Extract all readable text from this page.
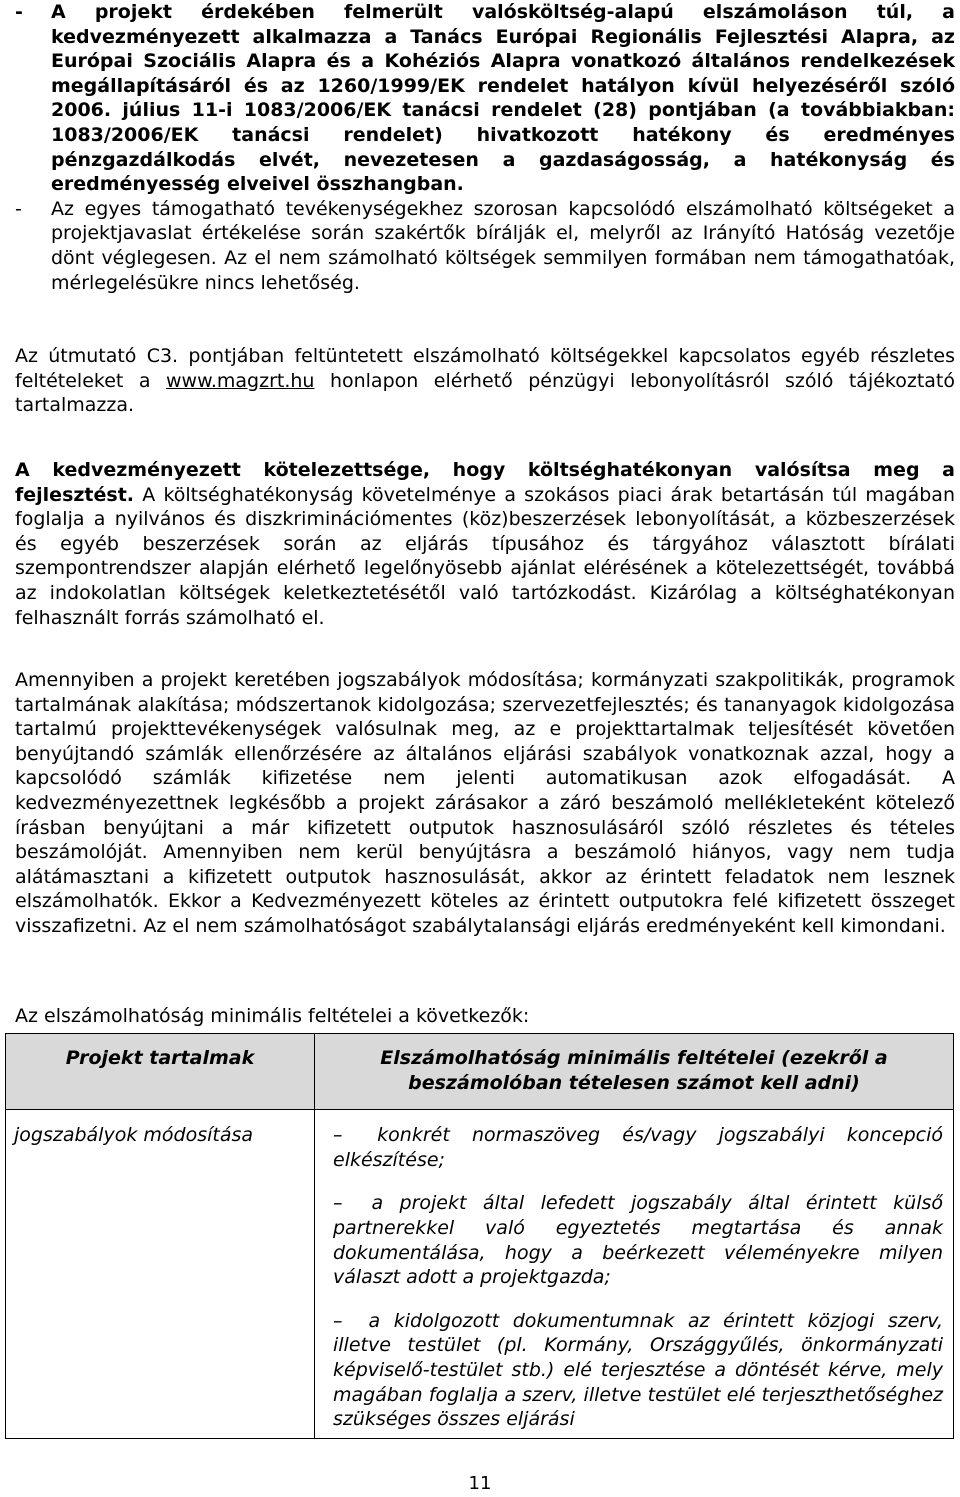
- A projekt érdekében felmerült valósköltség-alapú elszámoláson túl, a kedvezményezett alkalmazza a Tanács Európai Regionális Fejlesztési Alapra, az Európai Szociális Alapra és a Kohéziós Alapra vonatkozó általános rendelkezések megállapításáról és az 1260/1999/EK rendelet hatályon kívül helyezéséről szóló 2006. július 11-i 1083/2006/EK tanácsi rendelet (28) pontjában (a továbbiakban: 1083/2006/EK tanácsi rendelet) hivatkozott hatékony és eredményes pénzgazdálkodás elvét, nevezetesen a gazdaságosság, a hatékonyság és eredményesség elveivel összhangban.
- Az egyes támogatható tevékenységekhez szorosan kapcsolódó elszámolható költségeket a projektjavaslat értékelése során szakértők bírálják el, melyről az Irányító Hatóság vezetője dönt véglegesen. Az el nem számolható költségek semmilyen formában nem támogathatóak, mérlegelésükre nincs lehetőség.

Az útmutató C3. pontjában feltüntetett elszámolható költségekkel kapcsolatos egyéb részletes feltételeket a www.magzrt.hu honlapon elérhető pénzügyi lebonyolításról szóló tájékoztató tartalmazza.

A kedvezményezett kötelezettsége, hogy költséghatékonyan valósítsa meg a fejlesztést. A költséghatékonyság követelménye a szokásos piaci árak betartásán túl magában foglalja a nyilvános és diszkriminációmentes (köz)beszerzések lebonyolítását, a közbeszerzések és egyéb beszerzések során az eljárás típusához és tárgyához választott bírálati szempontrendszer alapján elérhető legelőnyösebb ajánlat elérésének a kötelezettségét, továbbá az indokolatlan költségek keletkeztetésétől való tartózkodást. Kizárólag a költséghatékonyan felhasznált forrás számolható el.

Amennyiben a projekt keretében jogszabályok módosítása; kormányzati szakpolitikák, programok tartalmának alakítása; módszertanok kidolgozása; szervezetfejlesztés; és tananyagok kidolgozása tartalmú projekttevékenységek valósulnak meg, az e projekttartalmak teljesítését követően benyújtandó számlák ellenőrzésére az általános eljárási szabályok vonatkoznak azzal, hogy a kapcsolódó számlák kifizetése nem jelenti automatikusan azok elfogadását. A kedvezményezettnek legkésőbb a projekt zárásakor a záró beszámoló mellékleteként kötelező írásban benyújtani a már kifizetett outputok hasznosulásáról szóló részletes és tételes beszámolóját. Amennyiben nem kerül benyújtásra a beszámoló hiányos, vagy nem tudja alátámasztani a kifizetett outputok hasznosulását, akkor az érintett feladatok nem lesznek elszámolhatók. Ekkor a Kedvezményezett köteles az érintett outputokra felé kifizetett összeget visszafizetni. Az el nem számolhatóságot szabálytalansági eljárás eredményeként kell kimondani.

Az elszámolhatóság minimális feltételei a következők:

Projekt tartalmak	Elszámolhatóság minimális feltételei (ezekről a beszámolóban tételesen számot kell adni)
jogszabályok módosítása	– konkrét normaszöveg és/vagy jogszabályi koncepció elkészítése;
– a projekt által lefedett jogszabály által érintett külső partnerekkel való egyeztetés megtartása és annak dokumentálása, hogy a beérkezett véleményekre milyen választ adott a projektgazda;
– a kidolgozott dokumentumnak az érintett közjogi szerv, illetve testület (pl. Kormány, Országgyűlés, önkormányzati képviselő-testület stb.) elé terjesztése a döntését kérve, mely magában foglalja a szerv, illetve testület elé terjeszthetőséghez szükséges összes eljárási
11
